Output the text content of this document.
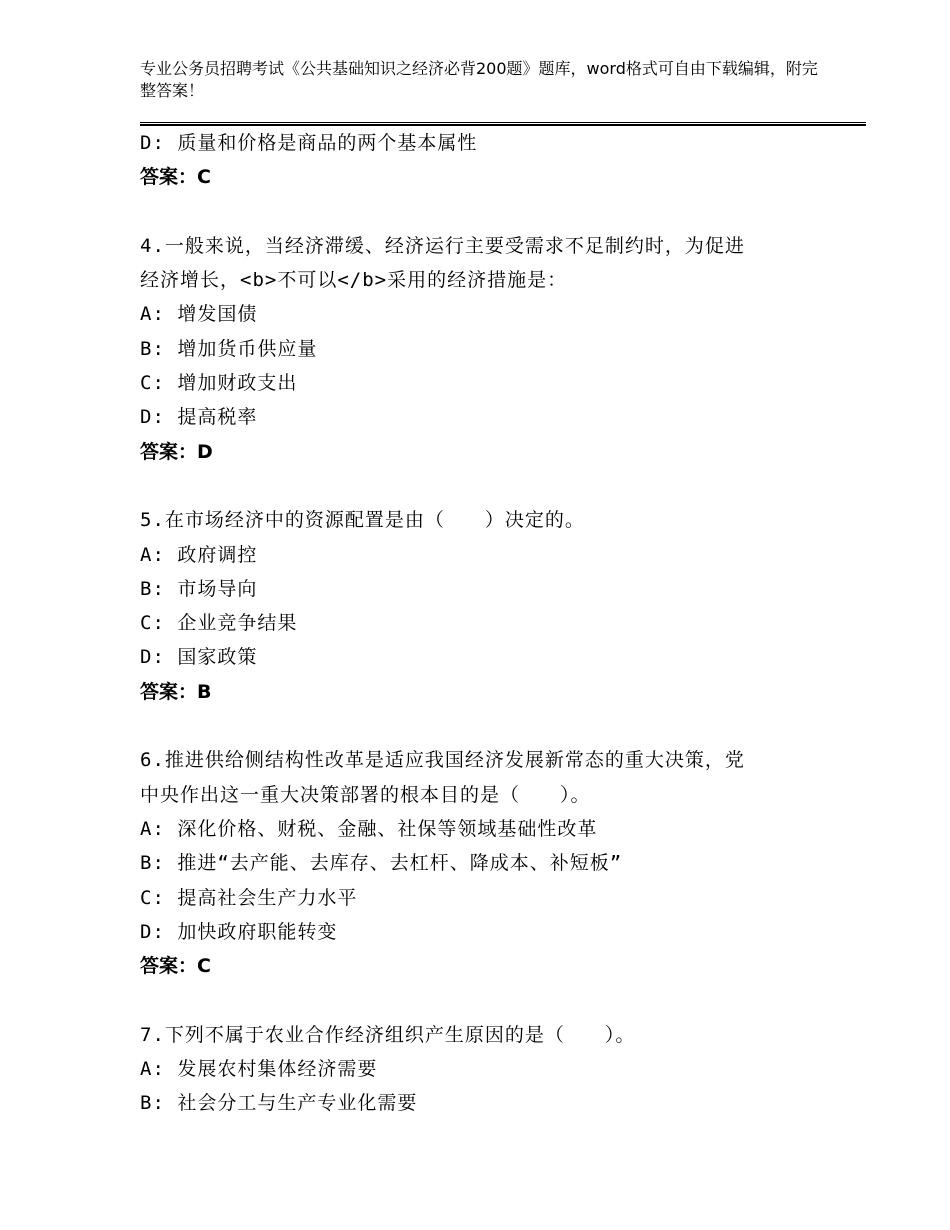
专业公务员招聘考试《公共基础知识之经济必背200题》题库，word格式可自由下载编辑，附完整答案！
D: 质量和价格是商品的两个基本属性
答案：C
4.一般来说，当经济滞缓、经济运行主要受需求不足制约时，为促进
经济增长，<b>不可以</b>采用的经济措施是：
A: 增发国债
B: 增加货币供应量
C: 增加财政支出
D: 提高税率
答案：D
5.在市场经济中的资源配置是由（　　）决定的。
A: 政府调控
B: 市场导向
C: 企业竞争结果
D: 国家政策
答案：B
6.推进供给侧结构性改革是适应我国经济发展新常态的重大决策，党
中央作出这一重大决策部署的根本目的是（　　）。
A: 深化价格、财税、金融、社保等领域基础性改革
B: 推进“去产能、去库存、去杠杆、降成本、补短板”
C: 提高社会生产力水平
D: 加快政府职能转变
答案：C
7.下列不属于农业合作经济组织产生原因的是（　　）。
A: 发展农村集体经济需要
B: 社会分工与生产专业化需要
